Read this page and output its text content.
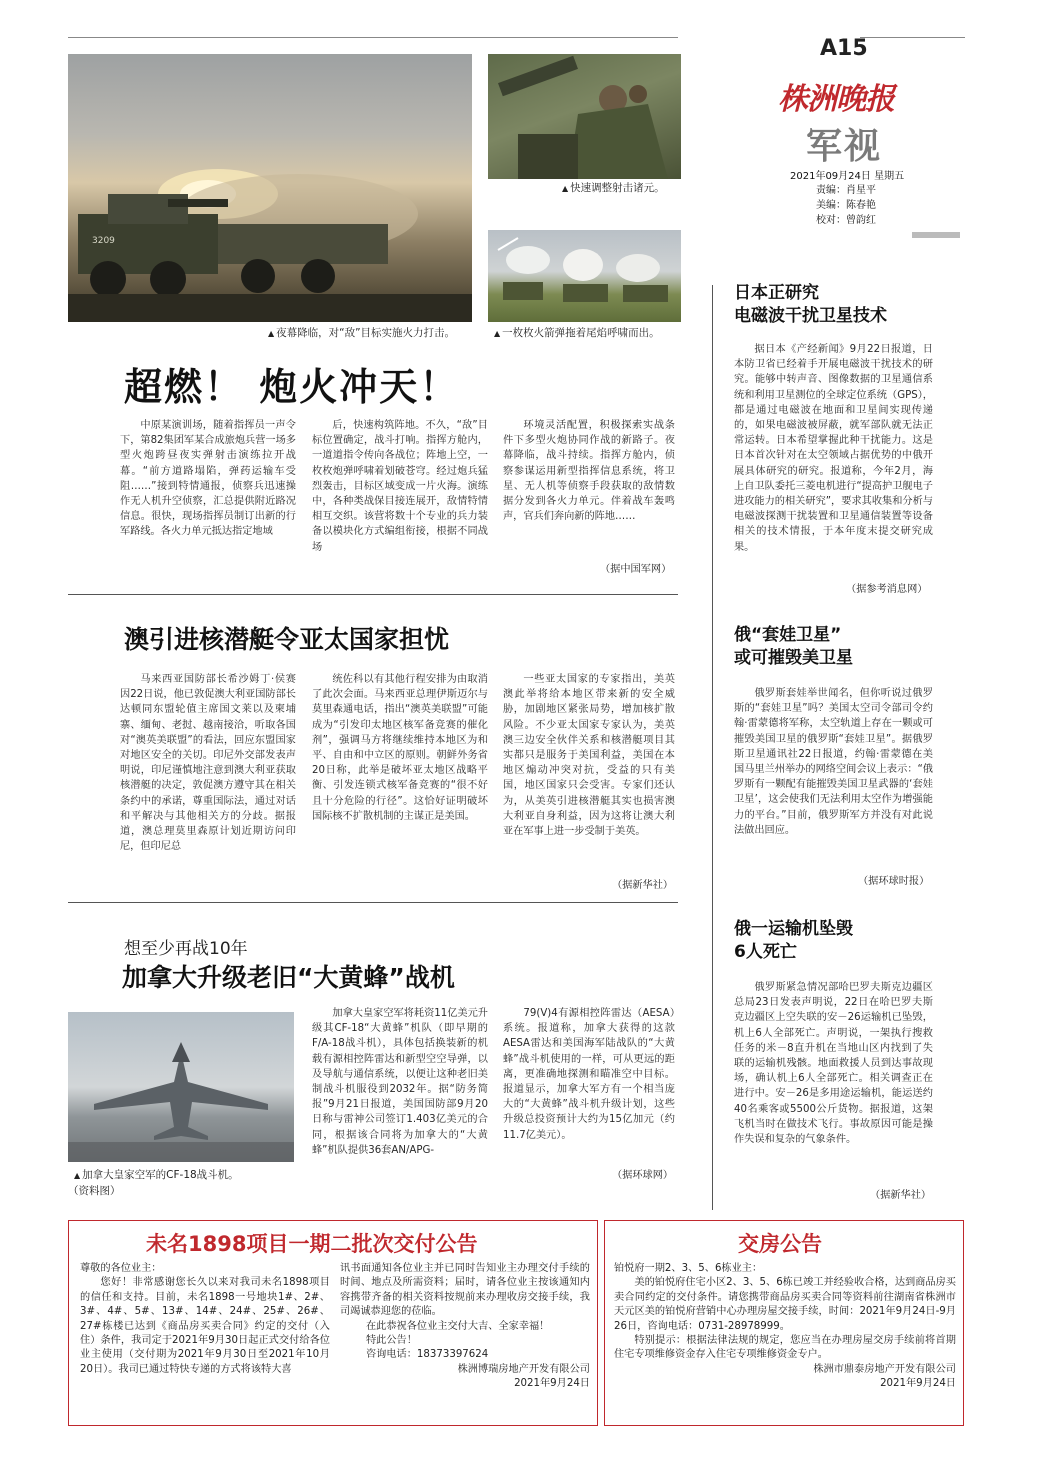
A15
株洲晚报
军视
2021年09月24日 星期五
责编：肖星平
美编：陈春艳
校对：曾韵红
3209
▲ 夜幕降临，对“敌”目标实施火力打击。
▲ 快速调整射击诸元。
▲ 一枚枚火箭弹拖着尾焰呼啸而出。
超燃！ 炮火冲天！
中原某演训场，随着指挥员一声令下，第82集团军某合成旅炮兵营一场多型火炮跨昼夜实弹射击演练拉开战幕。“前方道路塌陷，弹药运输车受阻……”接到特情通报，侦察兵迅速操作无人机升空侦察，汇总提供附近路况信息。很快，现场指挥员制订出新的行军路线。各火力单元抵达指定地域
后，快速构筑阵地。不久，“敌”目标位置确定，战斗打响。指挥方舱内，一道道指令传向各战位；阵地上空，一枚枚炮弹呼啸着划破苍穹。经过炮兵猛烈轰击，目标区域变成一片火海。演练中，各种类战保目接连展开，敌情特情相互交织。该营将数十个专业的兵力装备以模块化方式编组衔接，根据不同战场
环境灵活配置，积极探索实战条件下多型火炮协同作战的新路子。夜幕降临，战斗持续。指挥方舱内，侦察参谋运用新型指挥信息系统，将卫星、无人机等侦察手段获取的敌情数据分发到各火力单元。伴着战车轰鸣声，官兵们奔向新的阵地……
（据中国军网）
澳引进核潜艇令亚太国家担忧
马来西亚国防部长希沙姆丁·侯赛因22日说，他已敦促澳大利亚国防部长达顿同东盟轮值主席国文莱以及柬埔寨、缅甸、老挝、越南接洽，听取各国对“澳英美联盟”的看法，回应东盟国家对地区安全的关切。印尼外交部发表声明说，印尼谨慎地注意到澳大利亚获取核潜艇的决定，敦促澳方遵守其在相关条约中的承诺，尊重国际法，通过对话和平解决与其他相关方的分歧。据报道，澳总理莫里森原计划近期访问印尼，但印尼总
统佐科以有其他行程安排为由取消了此次会面。马来西亚总理伊斯迈尔与莫里森通电话，指出“澳英美联盟”可能成为“引发印太地区核军备竞赛的催化剂”，强调马方将继续维持本地区为和平、自由和中立区的原则。朝鲜外务省20日称，此举是破坏亚太地区战略平衡、引发连锁式核军备竞赛的“很不好且十分危险的行径”。这恰好证明破坏国际核不扩散机制的主谋正是美国。
一些亚太国家的专家指出，美英澳此举将给本地区带来新的安全威胁，加剧地区紧张局势，增加核扩散风险。不少亚太国家专家认为，美英澳三边安全伙伴关系和核潜艇项目其实都只是服务于美国利益，美国在本地区煽动冲突对抗，受益的只有美国，地区国家只会受害。专家们还认为，从美英引进核潜艇其实也损害澳大利亚自身利益，因为这将让澳大利亚在军事上进一步受制于美英。
（据新华社）
想至少再战10年
加拿大升级老旧“大黄蜂”战机
▲ 加拿大皇家空军的CF-18战斗机。
（资料图）
加拿大皇家空军将耗资11亿美元升级其CF-18“大黄蜂”机队（即早期的F/A-18战斗机），具体包括换装新的机载有源相控阵雷达和新型空空导弹，以及导航与通信系统，以便让这种老旧美制战斗机服役到2032年。据“防务简报”9月21日报道，美国国防部9月20日称与雷神公司签订1.403亿美元的合同，根据该合同将为加拿大的“大黄蜂”机队提供36套AN/APG-
79(V)4有源相控阵雷达（AESA）系统。报道称，加拿大获得的这款AESA雷达和美国海军陆战队的“大黄蜂”战斗机使用的一样，可从更远的距离，更准确地探测和瞄准空中目标。报道显示，加拿大军方有一个相当庞大的“大黄蜂”战斗机升级计划，这些升级总投资预计大约为15亿加元（约11.7亿美元）。
（据环球网）
日本正研究
电磁波干扰卫星技术
据日本《产经新闻》9月22日报道，日本防卫省已经着手开展电磁波干扰技术的研究。能够中转声音、图像数据的卫星通信系统和利用卫星测位的全球定位系统（GPS），都是通过电磁波在地面和卫星间实现传递的，如果电磁波被屏蔽，就军部队就无法正常运转。日本希望掌握此种干扰能力。这是日本首次针对在太空领域占据优势的中俄开展具体研究的研究。报道称，今年2月，海上自卫队委托三菱电机进行“提高护卫舰电子进攻能力的相关研究”，要求其收集和分析与电磁波探测干扰装置和卫星通信装置等设备相关的技术情报，于本年度末提交研究成果。
（据参考消息网）
俄“套娃卫星”
或可摧毁美卫星
俄罗斯套娃举世闻名，但你听说过俄罗斯的“套娃卫星”吗？美国太空司令部司令约翰·雷蒙德将军称，太空轨道上存在一颗或可摧毁美国卫星的俄罗斯“套娃卫星”。据俄罗斯卫星通讯社22日报道，约翰·雷蒙德在美国马里兰州举办的网络空间会议上表示：“俄罗斯有一颗配有能摧毁美国卫星武器的‘套娃卫星’，这会使我们无法利用太空作为增强能力的平台。”目前，俄罗斯军方并没有对此说法做出回应。
（据环球时报）
俄一运输机坠毁
6人死亡
俄罗斯紧急情况部哈巴罗夫斯克边疆区总局23日发表声明说，22日在哈巴罗夫斯克边疆区上空失联的安－26运输机已坠毁，机上6人全部死亡。声明说，一架执行搜救任务的米－8直升机在当地山区内找到了失联的运输机残骸。地面救援人员到达事故现场，确认机上6人全部死亡。相关调查正在进行中。安－26是多用途运输机，能运送约40名乘客或5500公斤货物。据报道，这架飞机当时在做技术飞行。事故原因可能是操作失误和复杂的气象条件。
（据新华社）
未名1898项目一期二批次交付公告
尊敬的各位业主：
您好！非常感谢您长久以来对我司未名1898项目的信任和支持。目前，未名1898一号地块1#、2#、3#、4#、5#、13#、14#、24#、25#、26#、27#栋楼已达到《商品房买卖合同》约定的交付（入住）条件，我司定于2021年9月30日起正式交付给各位业主使用（交付期为2021年9月30日至2021年10月20日）。我司已通过特快专递的方式将该特大喜
讯书面通知各位业主并已同时告知业主办理交付手续的时间、地点及所需资料；届时，请各位业主按该通知内容携带齐备的相关资料按规前来办理收房交接手续，我司竭诚恭迎您的莅临。
在此恭祝各位业主交付大吉、全家幸福！
特此公告！
咨询电话：18373397624
株洲博瑞房地产开发有限公司
2021年9月24日
交房公告
铂悦府一期2、3、5、6栋业主：
美的铂悦府住宅小区2、3、5、6栋已竣工并经验收合格，达到商品房买卖合同约定的交付条件。请您携带商品房买卖合同等资料前往湖南省株洲市天元区美的铂悦府营销中心办理房屋交接手续，时间：2021年9月24日-9月26日，咨询电话：0731-28978999。
特别提示：根据法律法规的规定，您应当在办理房屋交房手续前将首期住宅专项维修资金存入住宅专项维修资金专户。
株洲市鼎泰房地产开发有限公司
2021年9月24日
